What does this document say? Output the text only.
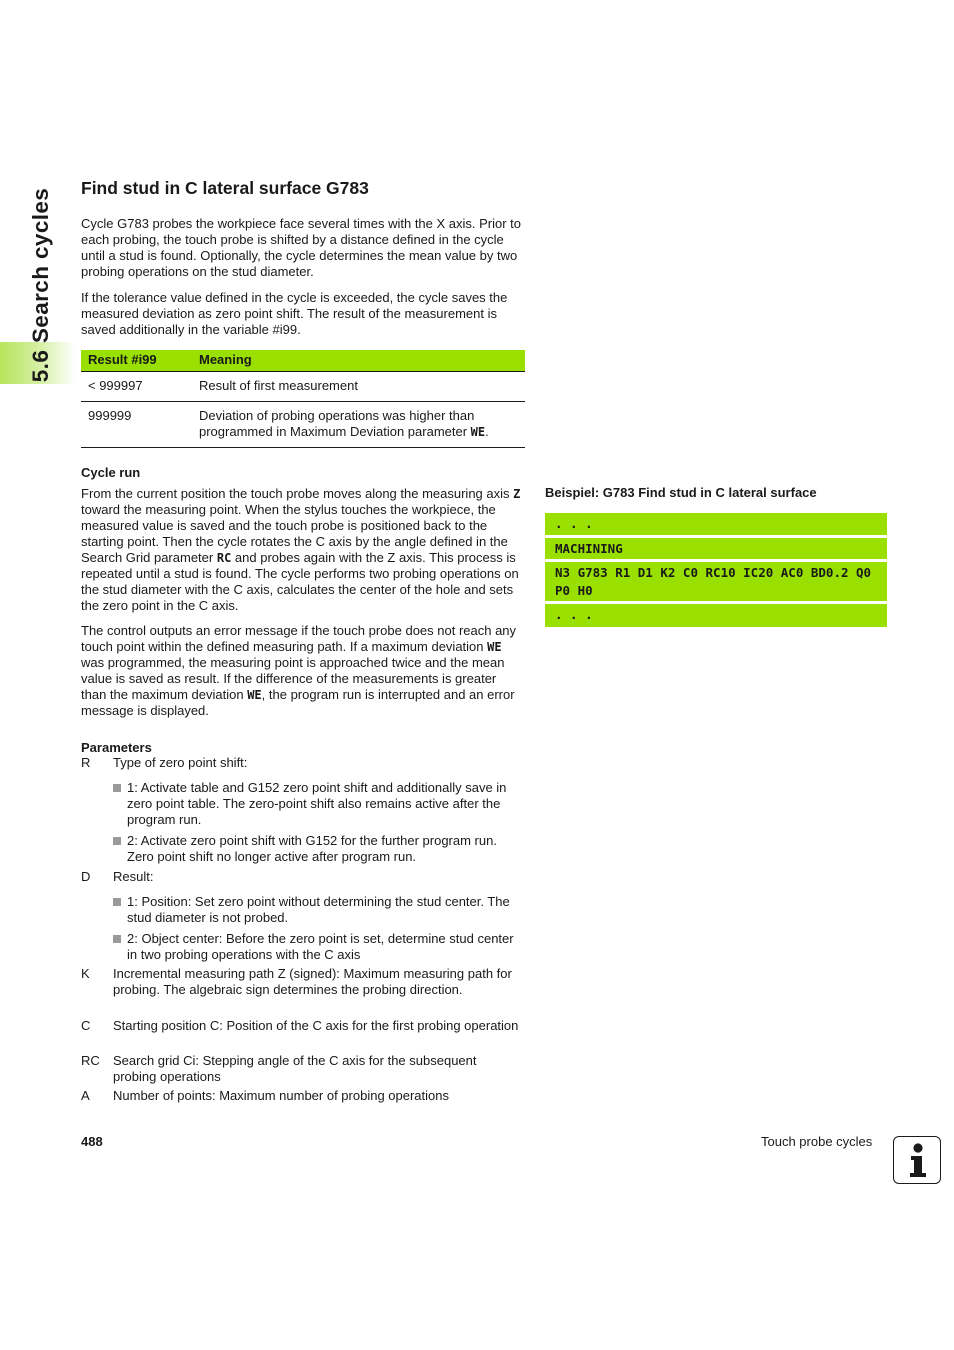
5.6 Search cycles Find stud in C lateral surface G783

Cycle G783 probes the workpiece face several times with the X axis. Prior to each probing, the touch probe is shifted by a distance defined in the cycle until a stud is found. Optionally, the cycle determines the mean value by two probing operations on the stud diameter.

If the tolerance value defined in the cycle is exceeded, the cycle saves the measured deviation as zero point shift. The result of the measurement is saved additionally in the variable #i99.

Result #i99	Meaning
< 999997	Result of first measurement
999999	Deviation of probing operations was higher than programmed in Maximum Deviation parameter WE.
Cycle run

From the current position the touch probe moves along the measuring axis Z toward the measuring point. When the stylus touches the workpiece, the measured value is saved and the touch probe is positioned back to the starting point. Then the cycle rotates the C axis by the angle defined in the Search Grid parameter RC and probes again with the Z axis. This process is repeated until a stud is found. The cycle performs two probing operations on the stud diameter with the C axis, calculates the center of the hole and sets the zero point in the C axis.

The control outputs an error message if the touch probe does not reach any touch point within the defined measuring path. If a maximum deviation WE was programmed, the measuring point is approached twice and the mean value is saved as result. If the difference of the measurements is greater than the maximum deviation WE, the program run is interrupted and an error message is displayed.

Parameters
R Type of zero point shift:
1: Activate table and G152 zero point shift and additionally save in zero point table. The zero-point shift also remains active after the program run.
2: Activate zero point shift with G152 for the further program run. Zero point shift no longer active after program run.
D Result:
1: Position: Set zero point without determining the stud center. The stud diameter is not probed.
2: Object center: Before the zero point is set, determine stud center in two probing operations with the C axis
K Incremental measuring path Z (signed): Maximum measuring path for probing. The algebraic sign determines the probing direction.
C Starting position C: Position of the C axis for the first probing operation
RC Search grid Ci: Stepping angle of the C axis for the subsequent probing operations
A Number of points: Maximum number of probing operations
Beispiel: G783 Find stud in C lateral surface
. . .
MACHINING
N3 G783 R1 D1 K2 C0 RC10 IC20 AC0 BD0.2 Q0 P0 H0
. . .
488	Touch probe cycles
